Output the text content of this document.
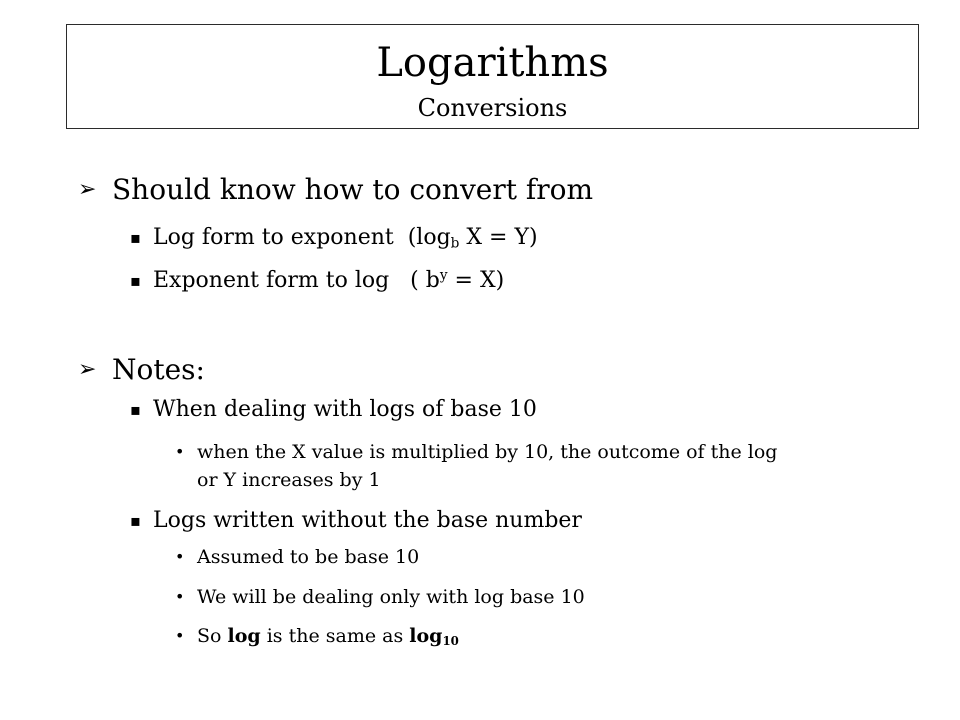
Logarithms
Conversions
➢
Should know how to convert from
▪
Log form to exponent  ($\log_b$ X = Y)
▪
Exponent form to log   ( $b^y = X$)
➢
Notes:
▪
When dealing with logs of base 10
•
when the X value is multiplied by 10, the outcome of the log
or Y increases by 1
▪
Logs written without the base number
•
Assumed to be base 10
•
We will be dealing only with log base 10
•
So log is the same as $\log_{10}$
